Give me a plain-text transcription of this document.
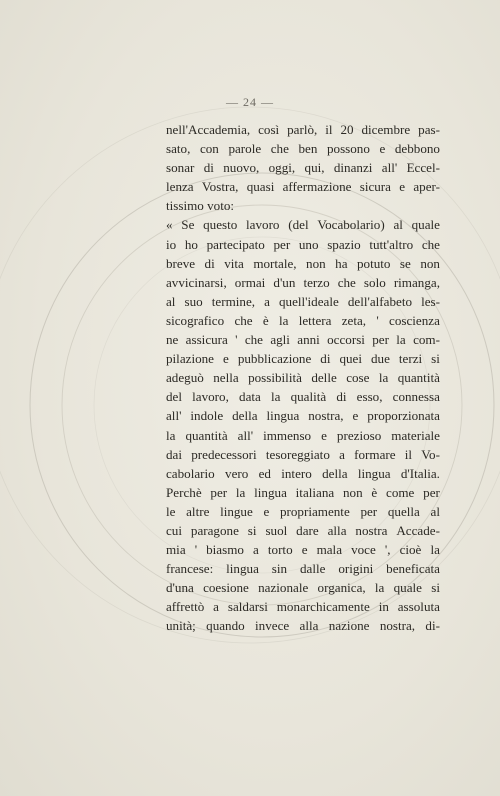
— 24 —
nell'Accademia, così parlò, il 20 dicembre pas-
sato, con parole che ben possono e debbono
sonar di nuovo, oggi, qui, dinanzi all' Eccel-
lenza Vostra, quasi affermazione sicura e aper-
tissimo voto:
« Se questo lavoro (del Vocabolario) al quale
io ho partecipato per uno spazio tutt'altro che
breve di vita mortale, non ha potuto se non
avvicinarsi, ormai d'un terzo che solo rimanga,
al suo termine, a quell'ideale dell'alfabeto les-
sicografico che è la lettera zeta, ' coscienza
ne assicura ' che agli anni occorsi per la com-
pilazione e pubblicazione di quei due terzi si
adeguò nella possibilità delle cose la quantità
del lavoro, data la qualità di esso, connessa
all' indole della lingua nostra, e proporzionata
la quantità all' immenso e prezioso materiale
dai predecessori tesoreggiato a formare il Vo-
cabolario vero ed intero della lingua d'Italia.
Perchè per la lingua italiana non è come per
le altre lingue e propriamente per quella al
cui paragone si suol dare alla nostra Accade-
mia ' biasmo a torto e mala voce ', cioè la
francese: lingua sin dalle origini beneficata
d'una coesione nazionale organica, la quale si
affrettò a saldarsi monarchicamente in assoluta
unità; quando invece alla nazione nostra, di-
